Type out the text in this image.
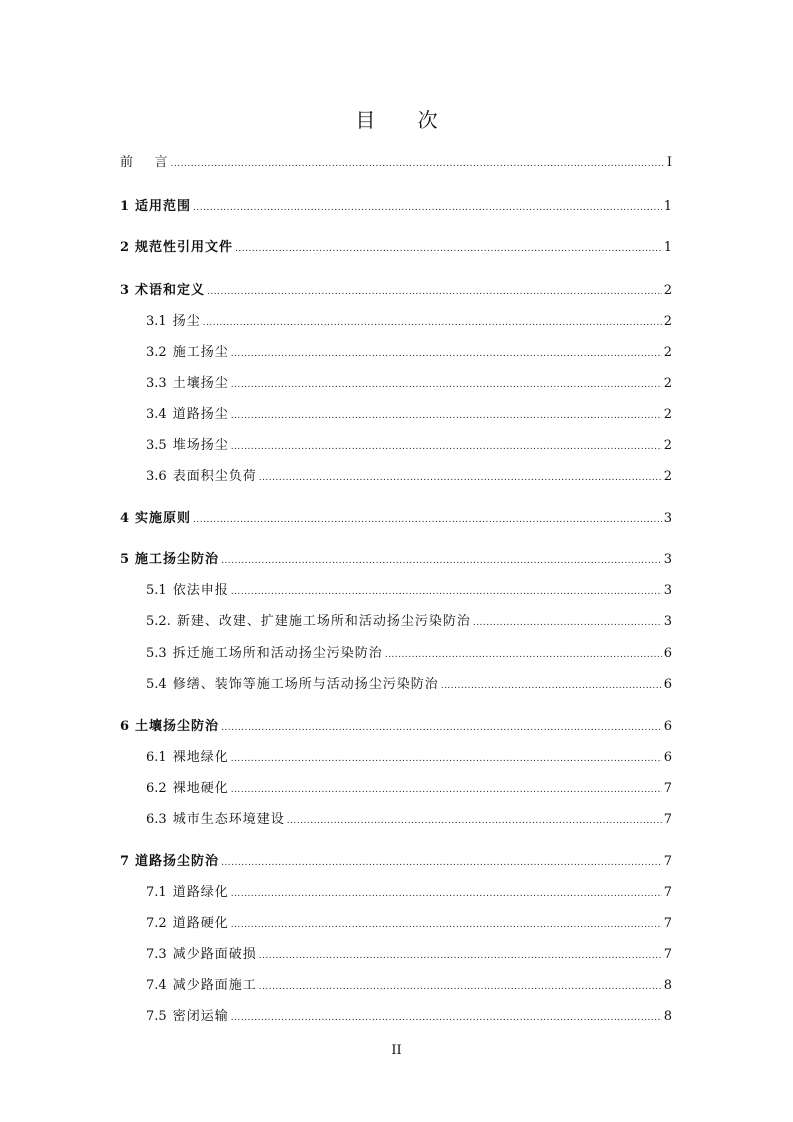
目 次
前    言 .....	I
1 适用范围 .....	1
2 规范性引用文件 .....	1
3 术语和定义 .....	2
3.1 扬尘 .....	2
3.2 施工扬尘 .....	2
3.3 土壤扬尘 .....	2
3.4 道路扬尘 .....	2
3.5 堆场扬尘 .....	2
3.6 表面积尘负荷 .....	2
4 实施原则 .....	3
5 施工扬尘防治 .....	3
5.1 依法申报 .....	3
5.2. 新建、改建、扩建施工场所和活动扬尘污染防治 .....	3
5.3 拆迁施工场所和活动扬尘污染防治 .....	6
5.4 修缮、装饰等施工场所与活动扬尘污染防治 .....	6
6 土壤扬尘防治 .....	6
6.1 裸地绿化 .....	6
6.2 裸地硬化 .....	7
6.3 城市生态环境建设 .....	7
7 道路扬尘防治 .....	7
7.1 道路绿化 .....	7
7.2 道路硬化 .....	7
7.3 减少路面破损 .....	7
7.4 减少路面施工 .....	8
7.5 密闭运输 .....	8
II
